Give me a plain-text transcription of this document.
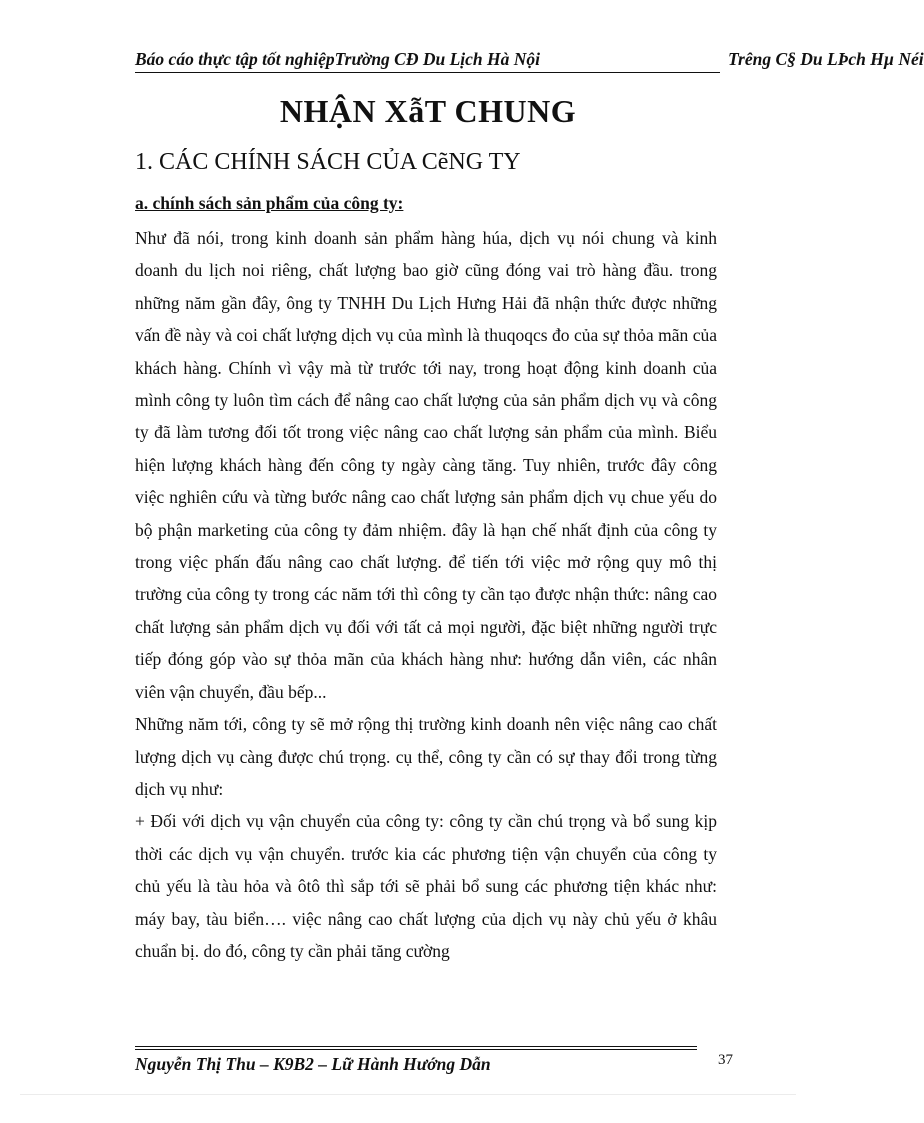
Báo cáo thực tập tốt nghiệpTrường CĐ Du Lịch Hà Nội	Trêng C§ Du LÞch Hµ Néi
NHẬN XẫT CHUNG
1. CÁC CHÍNH SÁCH CỦA CẽNG TY
a. chính sách sản phẩm của công ty:

Như đã nói, trong kinh doanh sản phẩm hàng húa, dịch vụ nói chung và kinh doanh du lịch noi riêng, chất lượng bao giờ cũng đóng vai trò hàng đầu. trong những năm gần đây, ông ty TNHH Du Lịch Hưng Hải đã nhận thức được những vấn đề này và coi chất lượng dịch vụ của mình là thuqoqcs đo của sự thỏa mãn của khách hàng. Chính vì vậy mà từ trước tới nay, trong hoạt động kinh doanh của mình công ty luôn tìm cách để nâng cao chất lượng của sản phẩm dịch vụ và công ty đã làm tương đối tốt trong việc nâng cao chất lượng sản phẩm của mình. Biểu hiện lượng khách hàng đến công ty ngày càng tăng. Tuy nhiên, trước đây công việc nghiên cứu và từng bước nâng cao chất lượng sản phẩm dịch vụ chue yếu do bộ phận marketing của công ty đảm nhiệm. đây là hạn chế nhất định của công ty trong việc phấn đấu nâng cao chất lượng. để tiến tới việc mở rộng quy mô thị trường của công ty trong các năm tới thì công ty cần tạo được nhận thức: nâng cao chất lượng sản phẩm dịch vụ đối với tất cả mọi người, đặc biệt những người trực tiếp đóng góp vào sự thỏa mãn của khách hàng như: hướng dẫn viên, các nhân viên vận chuyển, đầu bếp...

Những năm tới, công ty sẽ mở rộng thị trường kinh doanh nên việc nâng cao chất lượng dịch vụ càng được chú trọng. cụ thể, công ty cần có sự thay đổi trong từng dịch vụ như:

+ Đối với dịch vụ vận chuyển của công ty: công ty cần chú trọng và bổ sung kịp thời các dịch vụ vận chuyển. trước kia các phương tiện vận chuyển của công ty chủ yếu là tàu hỏa và ôtô thì sắp tới sẽ phải bổ sung các phương tiện khác như: máy bay, tàu biển…. việc nâng cao chất lượng của dịch vụ này chủ yếu ở khâu chuẩn bị. do đó, công ty cần phải tăng cường

Nguyễn Thị Thu – K9B2 – Lữ Hành Hướng Dẫn	37
